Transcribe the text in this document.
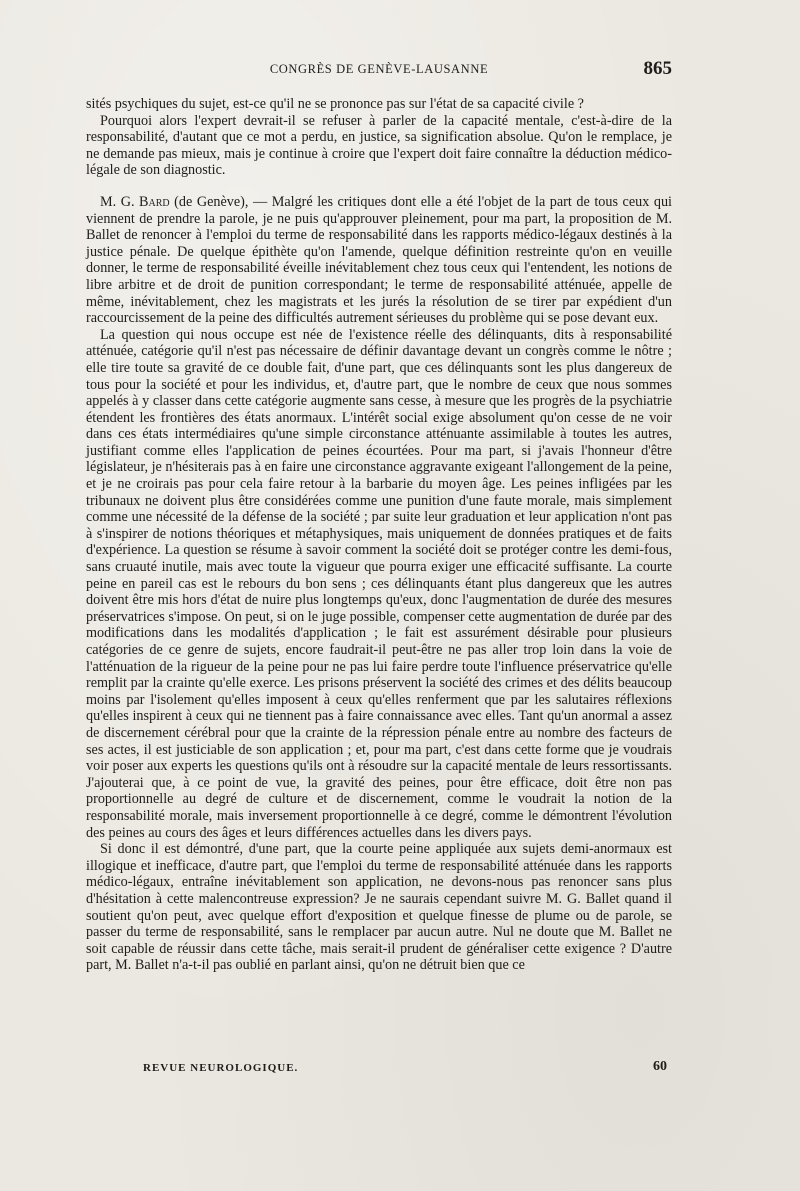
CONGRÈS DE GENÈVE-LAUSANNE	865

sités psychiques du sujet, est-ce qu'il ne se prononce pas sur l'état de sa capacité civile ?

Pourquoi alors l'expert devrait-il se refuser à parler de la capacité mentale, c'est-à-dire de la responsabilité, d'autant que ce mot a perdu, en justice, sa signification absolue. Qu'on le remplace, je ne demande pas mieux, mais je continue à croire que l'expert doit faire connaître la déduction médico-légale de son diagnostic.

M. G. Bard (de Genève), — Malgré les critiques dont elle a été l'objet de la part de tous ceux qui viennent de prendre la parole, je ne puis qu'approuver pleinement, pour ma part, la proposition de M. Ballet de renoncer à l'emploi du terme de responsabilité dans les rapports médico-légaux destinés à la justice pénale. De quelque épithète qu'on l'amende, quelque définition restreinte qu'on en veuille donner, le terme de responsabilité éveille inévitablement chez tous ceux qui l'entendent, les notions de libre arbitre et de droit de punition correspondant; le terme de responsabilité atténuée, appelle de même, inévitablement, chez les magistrats et les jurés la résolution de se tirer par expédient d'un raccourcissement de la peine des difficultés autrement sérieuses du problème qui se pose devant eux.

La question qui nous occupe est née de l'existence réelle des délinquants, dits à responsabilité atténuée, catégorie qu'il n'est pas nécessaire de définir davantage devant un congrès comme le nôtre ; elle tire toute sa gravité de ce double fait, d'une part, que ces délinquants sont les plus dangereux de tous pour la société et pour les individus, et, d'autre part, que le nombre de ceux que nous sommes appelés à y classer dans cette catégorie augmente sans cesse, à mesure que les progrès de la psychiatrie étendent les frontières des états anormaux. L'intérêt social exige absolument qu'on cesse de ne voir dans ces états intermédiaires qu'une simple circonstance atténuante assimilable à toutes les autres, justifiant comme elles l'application de peines écourtées. Pour ma part, si j'avais l'honneur d'être législateur, je n'hésiterais pas à en faire une circonstance aggravante exigeant l'allongement de la peine, et je ne croirais pas pour cela faire retour à la barbarie du moyen âge. Les peines infligées par les tribunaux ne doivent plus être considérées comme une punition d'une faute morale, mais simplement comme une nécessité de la défense de la société ; par suite leur graduation et leur application n'ont pas à s'inspirer de notions théoriques et métaphysiques, mais uniquement de données pratiques et de faits d'expérience. La question se résume à savoir comment la société doit se protéger contre les demi-fous, sans cruauté inutile, mais avec toute la vigueur que pourra exiger une efficacité suffisante. La courte peine en pareil cas est le rebours du bon sens ; ces délinquants étant plus dangereux que les autres doivent être mis hors d'état de nuire plus longtemps qu'eux, donc l'augmentation de durée des mesures préservatrices s'impose. On peut, si on le juge possible, compenser cette augmentation de durée par des modifications dans les modalités d'application ; le fait est assurément désirable pour plusieurs catégories de ce genre de sujets, encore faudrait-il peut-être ne pas aller trop loin dans la voie de l'atténuation de la rigueur de la peine pour ne pas lui faire perdre toute l'influence préservatrice qu'elle remplit par la crainte qu'elle exerce. Les prisons préservent la société des crimes et des délits beaucoup moins par l'isolement qu'elles imposent à ceux qu'elles renferment que par les salutaires réflexions qu'elles inspirent à ceux qui ne tiennent pas à faire connaissance avec elles. Tant qu'un anormal a assez de discernement cérébral pour que la crainte de la répression pénale entre au nombre des facteurs de ses actes, il est justiciable de son application ; et, pour ma part, c'est dans cette forme que je voudrais voir poser aux experts les questions qu'ils ont à résoudre sur la capacité mentale de leurs ressortissants. J'ajouterai que, à ce point de vue, la gravité des peines, pour être efficace, doit être non pas proportionnelle au degré de culture et de discernement, comme le voudrait la notion de la responsabilité morale, mais inversement proportionnelle à ce degré, comme le démontrent l'évolution des peines au cours des âges et leurs différences actuelles dans les divers pays.

Si donc il est démontré, d'une part, que la courte peine appliquée aux sujets demi-anormaux est illogique et inefficace, d'autre part, que l'emploi du terme de responsabilité atténuée dans les rapports médico-légaux, entraîne inévitablement son application, ne devons-nous pas renoncer sans plus d'hésitation à cette malencontreuse expression? Je ne saurais cependant suivre M. G. Ballet quand il soutient qu'on peut, avec quelque effort d'exposition et quelque finesse de plume ou de parole, se passer du terme de responsabilité, sans le remplacer par aucun autre. Nul ne doute que M. Ballet ne soit capable de réussir dans cette tâche, mais serait-il prudent de généraliser cette exigence ? D'autre part, M. Ballet n'a-t-il pas oublié en parlant ainsi, qu'on ne détruit bien que ce

REVUE NEUROLOGIQUE.	60
